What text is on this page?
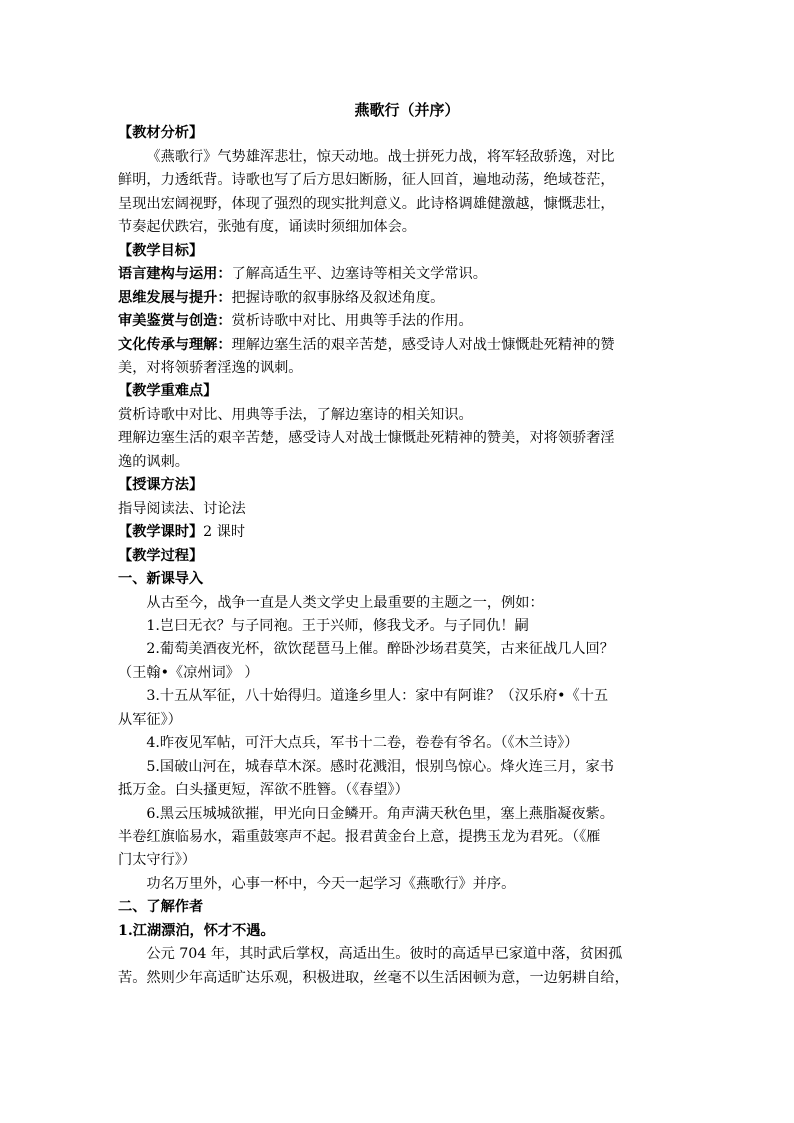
燕歌行（并序）
【教材分析】
《燕歌行》气势雄浑悲壮，惊天动地。战士拼死力战，将军轻敌骄逸，对比
鲜明，力透纸背。诗歌也写了后方思妇断肠，征人回首，遍地动荡，绝域苍茫，
呈现出宏阔视野，体现了强烈的现实批判意义。此诗格调雄健激越，慷慨悲壮，
节奏起伏跌宕，张弛有度，诵读时须细加体会。
【教学目标】
语言建构与运用：了解高适生平、边塞诗等相关文学常识。
思维发展与提升：把握诗歌的叙事脉络及叙述角度。
审美鉴赏与创造：赏析诗歌中对比、用典等手法的作用。
文化传承与理解：理解边塞生活的艰辛苦楚，感受诗人对战士慷慨赴死精神的赞
美，对将领骄奢淫逸的讽刺。
【教学重难点】
赏析诗歌中对比、用典等手法，了解边塞诗的相关知识。
理解边塞生活的艰辛苦楚，感受诗人对战士慷慨赴死精神的赞美，对将领骄奢淫
逸的讽刺。
【授课方法】
指导阅读法、讨论法
【教学课时】2 课时
【教学过程】
一、新课导入
从古至今，战争一直是人类文学史上最重要的主题之一，例如：
1.岂曰无衣？与子同袍。王于兴师，修我戈矛。与子同仇！嗣
2.葡萄美酒夜光杯，欲饮琵琶马上催。醉卧沙场君莫笑，古来征战几人回？
（王翰•《凉州词》 ）
3.十五从军征，八十始得归。道逢乡里人：家中有阿谁？（汉乐府•《十五
从军征》）
4.昨夜见军帖，可汗大点兵，军书十二卷，卷卷有爷名。（《木兰诗》）
5.国破山河在，城春草木深。感时花溅泪，恨别鸟惊心。烽火连三月，家书
抵万金。白头搔更短，浑欲不胜簪。（《春望》）
6.黑云压城城欲摧，甲光向日金鳞开。角声满天秋色里，塞上燕脂凝夜紫。
半卷红旗临易水，霜重鼓寒声不起。报君黄金台上意，提携玉龙为君死。（《雁
门太守行》）
功名万里外，心事一杯中，今天一起学习《燕歌行》并序。
二、了解作者
1.江湖漂泊，怀才不遇。
公元 704 年，其时武后掌权，高适出生。彼时的高适早已家道中落，贫困孤
苦。然则少年高适旷达乐观，积极进取，丝毫不以生活困顿为意，一边躬耕自给，
